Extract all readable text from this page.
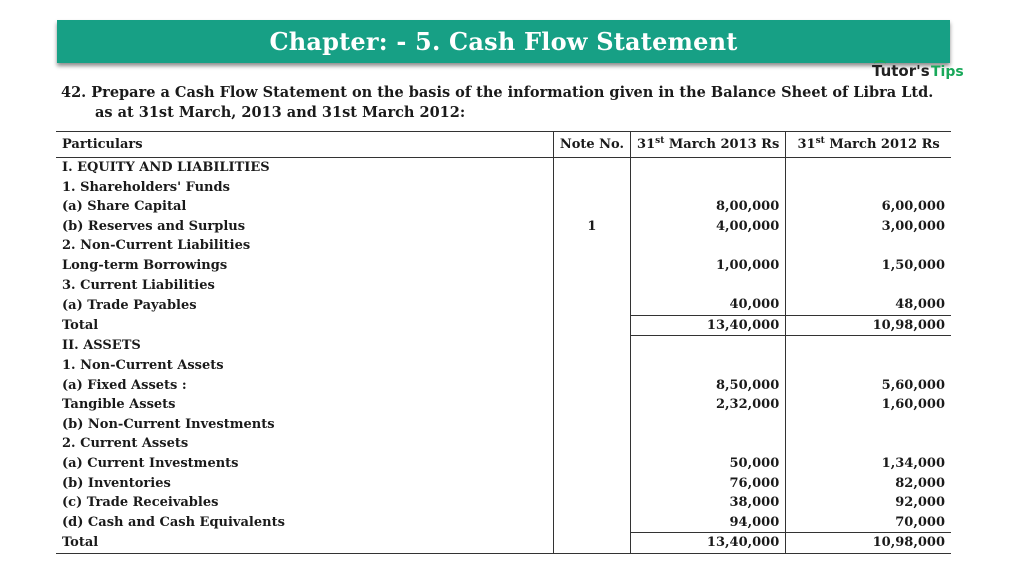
Chapter: - 5. Cash Flow Statement
Tutor's Tips
42. Prepare a Cash Flow Statement on the basis of the information given in the Balance Sheet of Libra Ltd.
as at 31st March, 2013 and 31st March 2012:
Particulars	Note No.	31st March 2013 Rs	31st March 2012 Rs
I. EQUITY AND LIABILITIES			
1. Shareholders' Funds			
(a) Share Capital		8,00,000	6,00,000
(b) Reserves and Surplus	1	4,00,000	3,00,000
2. Non-Current Liabilities			
Long-term Borrowings		1,00,000	1,50,000
3. Current Liabilities			
(a) Trade Payables		40,000	48,000
Total		13,40,000	10,98,000
II. ASSETS			
1. Non-Current Assets			
(a) Fixed Assets :		8,50,000	5,60,000
Tangible Assets		2,32,000	1,60,000
(b) Non-Current Investments			
2. Current Assets			
(a) Current Investments		50,000	1,34,000
(b) Inventories		76,000	82,000
(c) Trade Receivables		38,000	92,000
(d) Cash and Cash Equivalents		94,000	70,000
Total		13,40,000	10,98,000
